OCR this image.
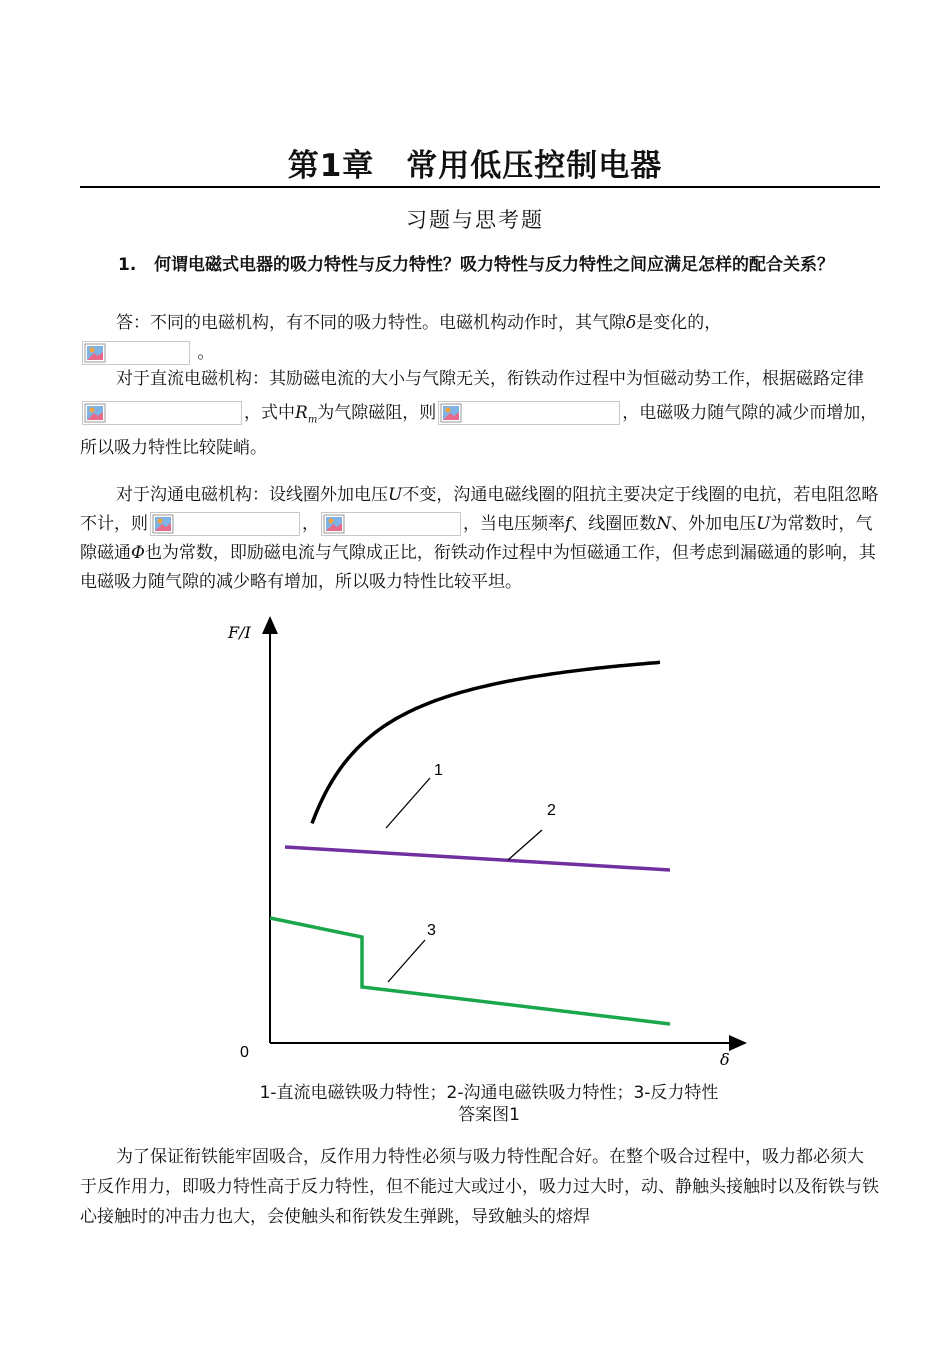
第1章　常用低压控制电器
习题与思考题
1. 何谓电磁式电器的吸力特性与反力特性？吸力特性与反力特性之间应满足怎样的配合关系？
答：不同的电磁机构，有不同的吸力特性。电磁机构动作时，其气隙δ是变化的，

。
对于直流电磁机构：其励磁电流的大小与气隙无关，衔铁动作过程中为恒磁动势工作，根据磁路定律
，式中$R_m$为气隙磁阻，则	，电磁吸力随气隙的减少而增加，所以吸力特性比较陡峭。
对于沟通电磁机构：设线圈外加电压U不变，沟通电磁线圈的阻抗主要决定于线圈的电抗，若电阻忽略不计，则	，	，当电压频率f、线圈匝数N、外加电压U为常数时，气隙磁通Φ也为常数，即励磁电流与气隙成正比，衔铁动作过程中为恒磁通工作，但考虑到漏磁通的影响，其电磁吸力随气隙的减少略有增加，所以吸力特性比较平坦。
F/I
δ
0
1
2
3
1-直流电磁铁吸力特性；2-沟通电磁铁吸力特性；3-反力特性
答案图1
为了保证衔铁能牢固吸合，反作用力特性必须与吸力特性配合好。在整个吸合过程中，吸力都必须大于反作用力，即吸力特性高于反力特性，但不能过大或过小，吸力过大时，动、静触头接触时以及衔铁与铁心接触时的冲击力也大，会使触头和衔铁发生弹跳，导致触头的熔焊
